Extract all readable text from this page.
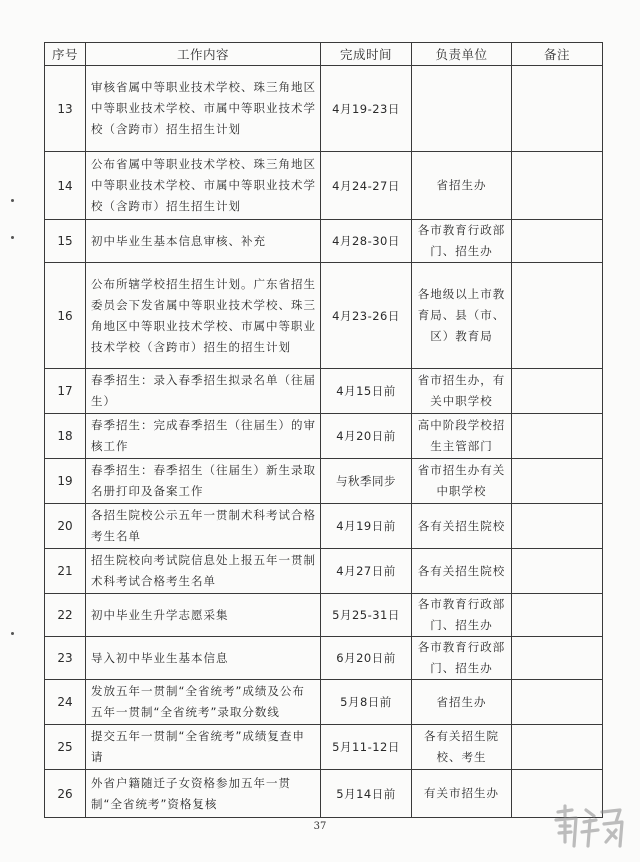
序号	工作内容	完成时间	负责单位	备注
13	审核省属中等职业技术学校、珠三角地区中等职业技术学校、市属中等职业技术学校（含跨市）招生招生计划	4月19-23日		
14	公布省属中等职业技术学校、珠三角地区中等职业技术学校、市属中等职业技术学校（含跨市）招生招生计划	4月24-27日	省招生办	
15	初中毕业生基本信息审核、补充	4月28-30日	各市教育行政部门、招生办	
16	公布所辖学校招生招生计划。广东省招生委员会下发省属中等职业技术学校、珠三角地区中等职业技术学校、市属中等职业技术学校（含跨市）招生的招生计划	4月23-26日	各地级以上市教育局、县（市、区）教育局	
17	春季招生：录入春季招生拟录名单（往届生）	4月15日前	省市招生办，有关中职学校	
18	春季招生：完成春季招生（往届生）的审核工作	4月20日前	高中阶段学校招生主管部门	
19	春季招生：春季招生（往届生）新生录取名册打印及备案工作	与秋季同步	省市招生办有关中职学校	
20	各招生院校公示五年一贯制术科考试合格考生名单	4月19日前	各有关招生院校	
21	招生院校向考试院信息处上报五年一贯制术科考试合格考生名单	4月27日前	各有关招生院校	
22	初中毕业生升学志愿采集	5月25-31日	各市教育行政部门、招生办	
23	导入初中毕业生基本信息	6月20日前	各市教育行政部门、招生办	
24	发放五年一贯制“全省统考”成绩及公布五年一贯制“全省统考”录取分数线	5月8日前	省招生办	
25	提交五年一贯制“全省统考”成绩复查申请	5月11-12日	各有关招生院校、考生	
26	外省户籍随迁子女资格参加五年一贯制“全省统考”资格复核	5月14日前	有关市招生办	
37
